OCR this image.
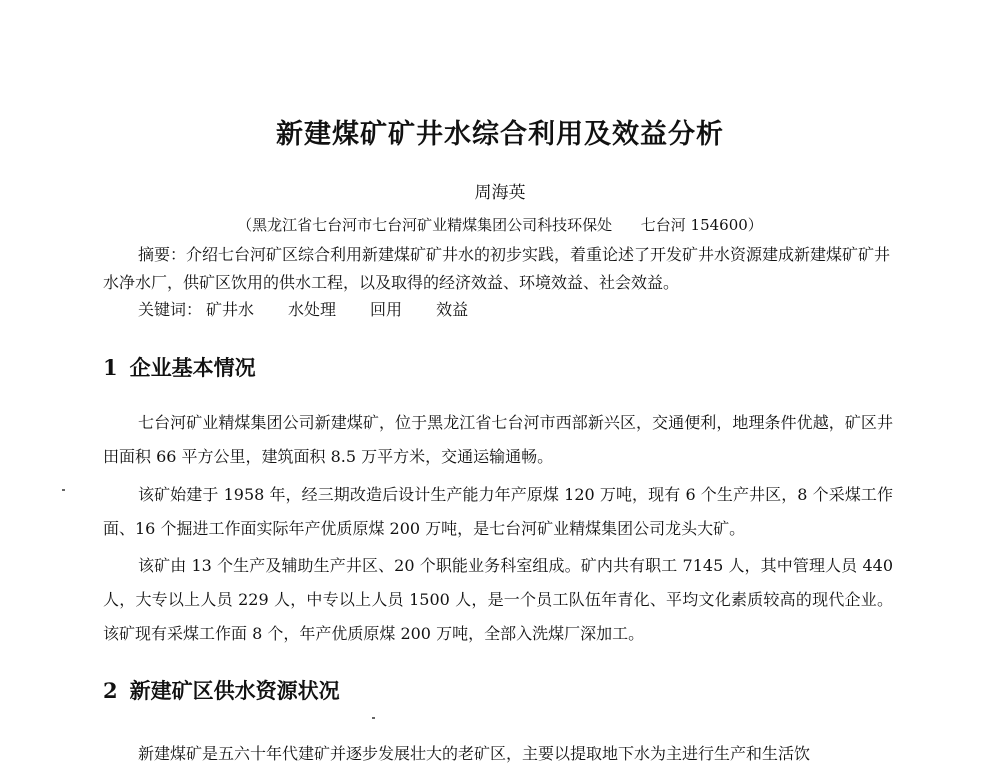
新建煤矿矿井水综合利用及效益分析
周海英
（黑龙江省七台河市七台河矿业精煤集团公司科技环保处      七台河 154600）

摘要：介绍七台河矿区综合利用新建煤矿矿井水的初步实践，着重论述了开发矿井水资源建成新建煤矿矿井水净水厂，供矿区饮用的供水工程，以及取得的经济效益、环境效益、社会效益。

关键词： 矿井水 水处理 回用 效益
1 企业基本情况

七台河矿业精煤集团公司新建煤矿，位于黑龙江省七台河市西部新兴区，交通便利，地理条件优越，矿区井田面积 66 平方公里，建筑面积 8.5 万平方米，交通运输通畅。

该矿始建于 1958 年，经三期改造后设计生产能力年产原煤 120 万吨，现有 6 个生产井区，8 个采煤工作面、16 个掘进工作面实际年产优质原煤 200 万吨，是七台河矿业精煤集团公司龙头大矿。

该矿由 13 个生产及辅助生产井区、20 个职能业务科室组成。矿内共有职工 7145 人，其中管理人员 440 人，大专以上人员 229 人，中专以上人员 1500 人，是一个员工队伍年青化、平均文化素质较高的现代企业。该矿现有采煤工作面 8 个，年产优质原煤 200 万吨，全部入洗煤厂深加工。

2 新建矿区供水资源状况

新建煤矿是五六十年代建矿并逐步发展壮大的老矿区，主要以提取地下水为主进行生产和生活饮
